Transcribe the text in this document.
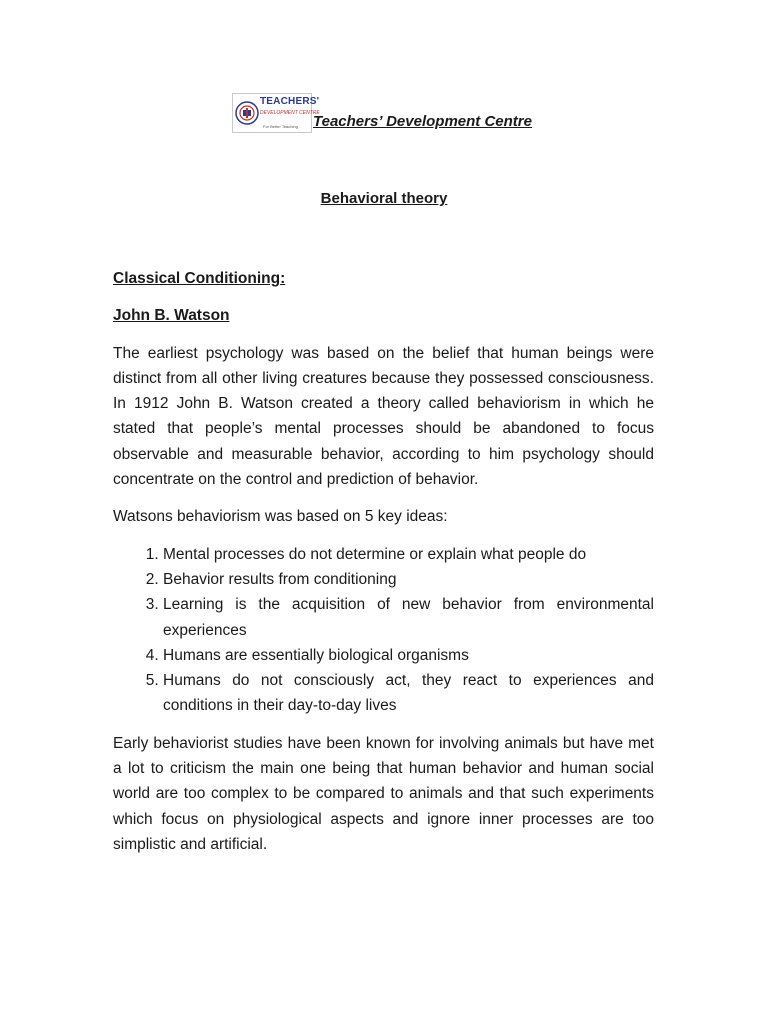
TEACHERS'
DEVELOPMENT CENTRE
For Better Teaching Teachers’ Development Centre
Behavioral theory

Classical Conditioning:

John B. Watson

The earliest psychology was based on the belief that human beings were distinct from all other living creatures because they possessed consciousness. In 1912 John B. Watson created a theory called behaviorism in which he stated that people’s mental processes should be abandoned to focus observable and measurable behavior, according to him psychology should concentrate on the control and prediction of behavior.

Watsons behaviorism was based on 5 key ideas:

1. Mental processes do not determine or explain what people do
2. Behavior results from conditioning
3. Learning is the acquisition of new behavior from environmental experiences
4. Humans are essentially biological organisms
5. Humans do not consciously act, they react to experiences and conditions in their day-to-day lives

Early behaviorist studies have been known for involving animals but have met a lot to criticism the main one being that human behavior and human social world are too complex to be compared to animals and that such experiments which focus on physiological aspects and ignore inner processes are too simplistic and artificial.
